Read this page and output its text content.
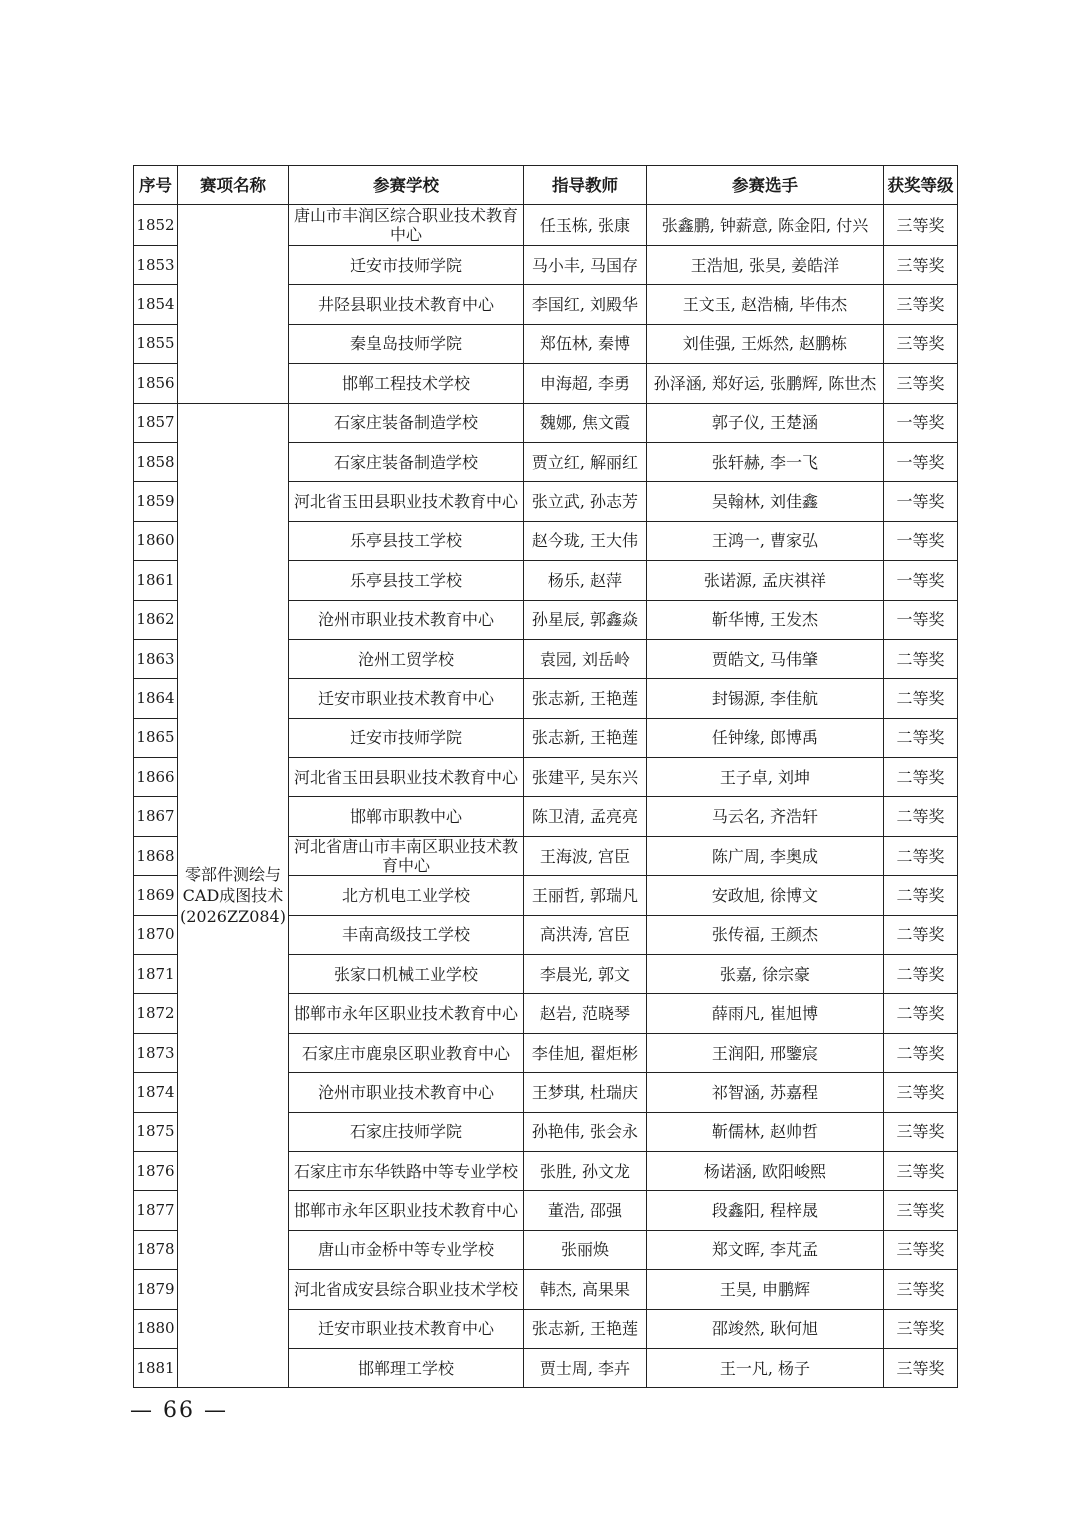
序号	赛项名称	参赛学校	指导教师	参赛选手	获奖等级
1852		唐山市丰润区综合职业技术教育中心	任玉栋, 张康	张鑫鹏, 钟薪意, 陈金阳, 付兴	三等奖
1853		迁安市技师学院	马小丰, 马国存	王浩旭, 张昊, 姜皓洋	三等奖
1854		井陉县职业技术教育中心	李国红, 刘殿华	王文玉, 赵浩楠, 毕伟杰	三等奖
1855		秦皇岛技师学院	郑伍林, 秦博	刘佳强, 王烁然, 赵鹏栋	三等奖
1856		邯郸工程技术学校	申海超, 李勇	孙泽涵, 郑好运, 张鹏辉, 陈世杰	三等奖
1857	零部件测绘与CAD成图技术(2026ZZ084)	石家庄装备制造学校	魏娜, 焦文霞	郭子仪, 王楚涵	一等奖
1858		石家庄装备制造学校	贾立红, 解丽红	张轩赫, 李一飞	一等奖
1859		河北省玉田县职业技术教育中心	张立武, 孙志芳	吴翰林, 刘佳鑫	一等奖
1860		乐亭县技工学校	赵今珑, 王大伟	王鸿一, 曹家弘	一等奖
1861		乐亭县技工学校	杨乐, 赵萍	张诺源, 孟庆祺祥	一等奖
1862		沧州市职业技术教育中心	孙星辰, 郭鑫焱	靳华博, 王发杰	一等奖
1863		沧州工贸学校	袁园, 刘岳岭	贾皓文, 马伟肇	二等奖
1864		迁安市职业技术教育中心	张志新, 王艳莲	封锡源, 李佳航	二等奖
1865		迁安市技师学院	张志新, 王艳莲	任钟缘, 郎博禹	二等奖
1866		河北省玉田县职业技术教育中心	张建平, 吴东兴	王子卓, 刘坤	二等奖
1867		邯郸市职教中心	陈卫清, 孟亮亮	马云名, 齐浩轩	二等奖
1868		河北省唐山市丰南区职业技术教育中心	王海波, 宫臣	陈广周, 李奥成	二等奖
1869		北方机电工业学校	王丽哲, 郭瑞凡	安政旭, 徐博文	二等奖
1870		丰南高级技工学校	高洪涛, 宫臣	张传福, 王颜杰	二等奖
1871		张家口机械工业学校	李晨光, 郭文	张嘉, 徐宗豪	二等奖
1872		邯郸市永年区职业技术教育中心	赵岩, 范晓琴	薛雨凡, 崔旭博	二等奖
1873		石家庄市鹿泉区职业教育中心	李佳旭, 翟炬彬	王润阳, 邢鑒宸	二等奖
1874		沧州市职业技术教育中心	王梦琪, 杜瑞庆	祁智涵, 苏嘉程	三等奖
1875		石家庄技师学院	孙艳伟, 张会永	靳儒林, 赵帅哲	三等奖
1876		石家庄市东华铁路中等专业学校	张胜, 孙文龙	杨诺涵, 欧阳峻熙	三等奖
1877		邯郸市永年区职业技术教育中心	董浩, 邵强	段鑫阳, 程梓晟	三等奖
1878		唐山市金桥中等专业学校	张丽焕	郑文晖, 李芃孟	三等奖
1879		河北省成安县综合职业技术学校	韩杰, 高果果	王昊, 申鹏辉	三等奖
1880		迁安市职业技术教育中心	张志新, 王艳莲	邵竣然, 耿何旭	三等奖
1881		邯郸理工学校	贾士周, 李卉	王一凡, 杨子	三等奖
— 66 —
